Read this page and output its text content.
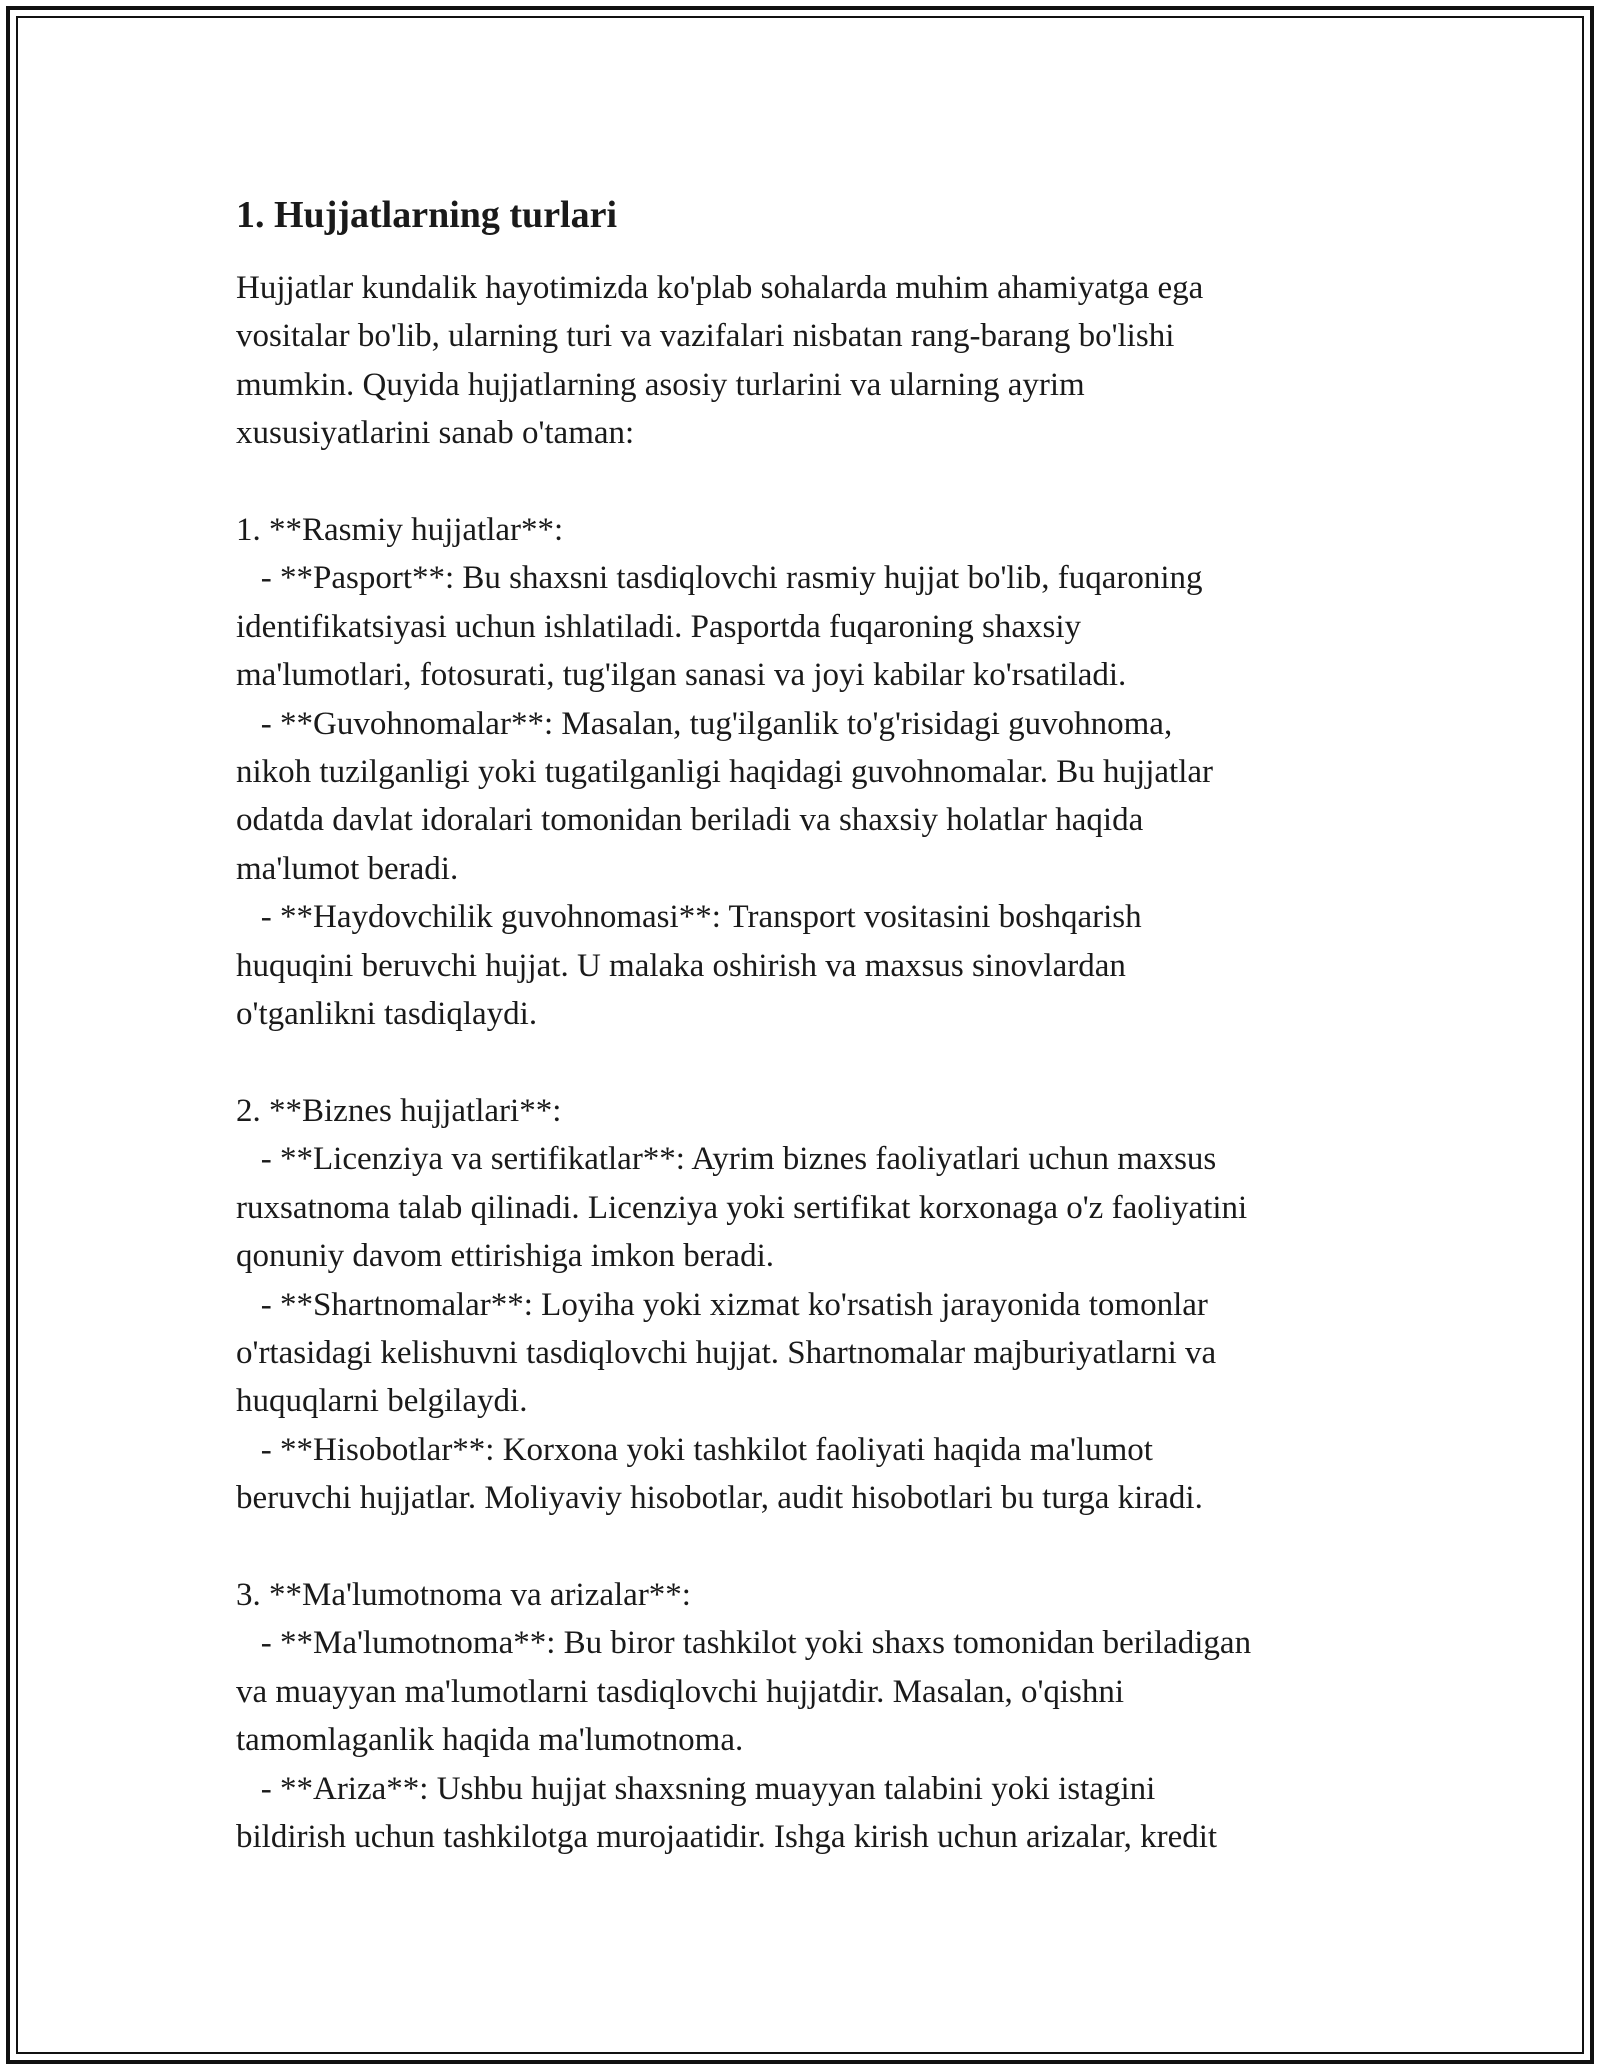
1. Hujjatlarning turlari

Hujjatlar kundalik hayotimizda ko'plab sohalarda muhim ahamiyatga ega
vositalar bo'lib, ularning turi va vazifalari nisbatan rang-barang bo'lishi
mumkin. Quyida hujjatlarning asosiy turlarini va ularning ayrim
xususiyatlarini sanab o'taman:

1. **Rasmiy hujjatlar**:
- **Pasport**: Bu shaxsni tasdiqlovchi rasmiy hujjat bo'lib, fuqaroning
identifikatsiyasi uchun ishlatiladi. Pasportda fuqaroning shaxsiy
ma'lumotlari, fotosurati, tug'ilgan sanasi va joyi kabilar ko'rsatiladi.
- **Guvohnomalar**: Masalan, tug'ilganlik to'g'risidagi guvohnoma,
nikoh tuzilganligi yoki tugatilganligi haqidagi guvohnomalar. Bu hujjatlar
odatda davlat idoralari tomonidan beriladi va shaxsiy holatlar haqida
ma'lumot beradi.
- **Haydovchilik guvohnomasi**: Transport vositasini boshqarish
huquqini beruvchi hujjat. U malaka oshirish va maxsus sinovlardan
o'tganlikni tasdiqlaydi.

2. **Biznes hujjatlari**:
- **Licenziya va sertifikatlar**: Ayrim biznes faoliyatlari uchun maxsus
ruxsatnoma talab qilinadi. Licenziya yoki sertifikat korxonaga o'z faoliyatini
qonuniy davom ettirishiga imkon beradi.
- **Shartnomalar**: Loyiha yoki xizmat ko'rsatish jarayonida tomonlar
o'rtasidagi kelishuvni tasdiqlovchi hujjat. Shartnomalar majburiyatlarni va
huquqlarni belgilaydi.
- **Hisobotlar**: Korxona yoki tashkilot faoliyati haqida ma'lumot
beruvchi hujjatlar. Moliyaviy hisobotlar, audit hisobotlari bu turga kiradi.

3. **Ma'lumotnoma va arizalar**:
- **Ma'lumotnoma**: Bu biror tashkilot yoki shaxs tomonidan beriladigan
va muayyan ma'lumotlarni tasdiqlovchi hujjatdir. Masalan, o'qishni
tamomlaganlik haqida ma'lumotnoma.
- **Ariza**: Ushbu hujjat shaxsning muayyan talabini yoki istagini
bildirish uchun tashkilotga murojaatidir. Ishga kirish uchun arizalar, kredit
